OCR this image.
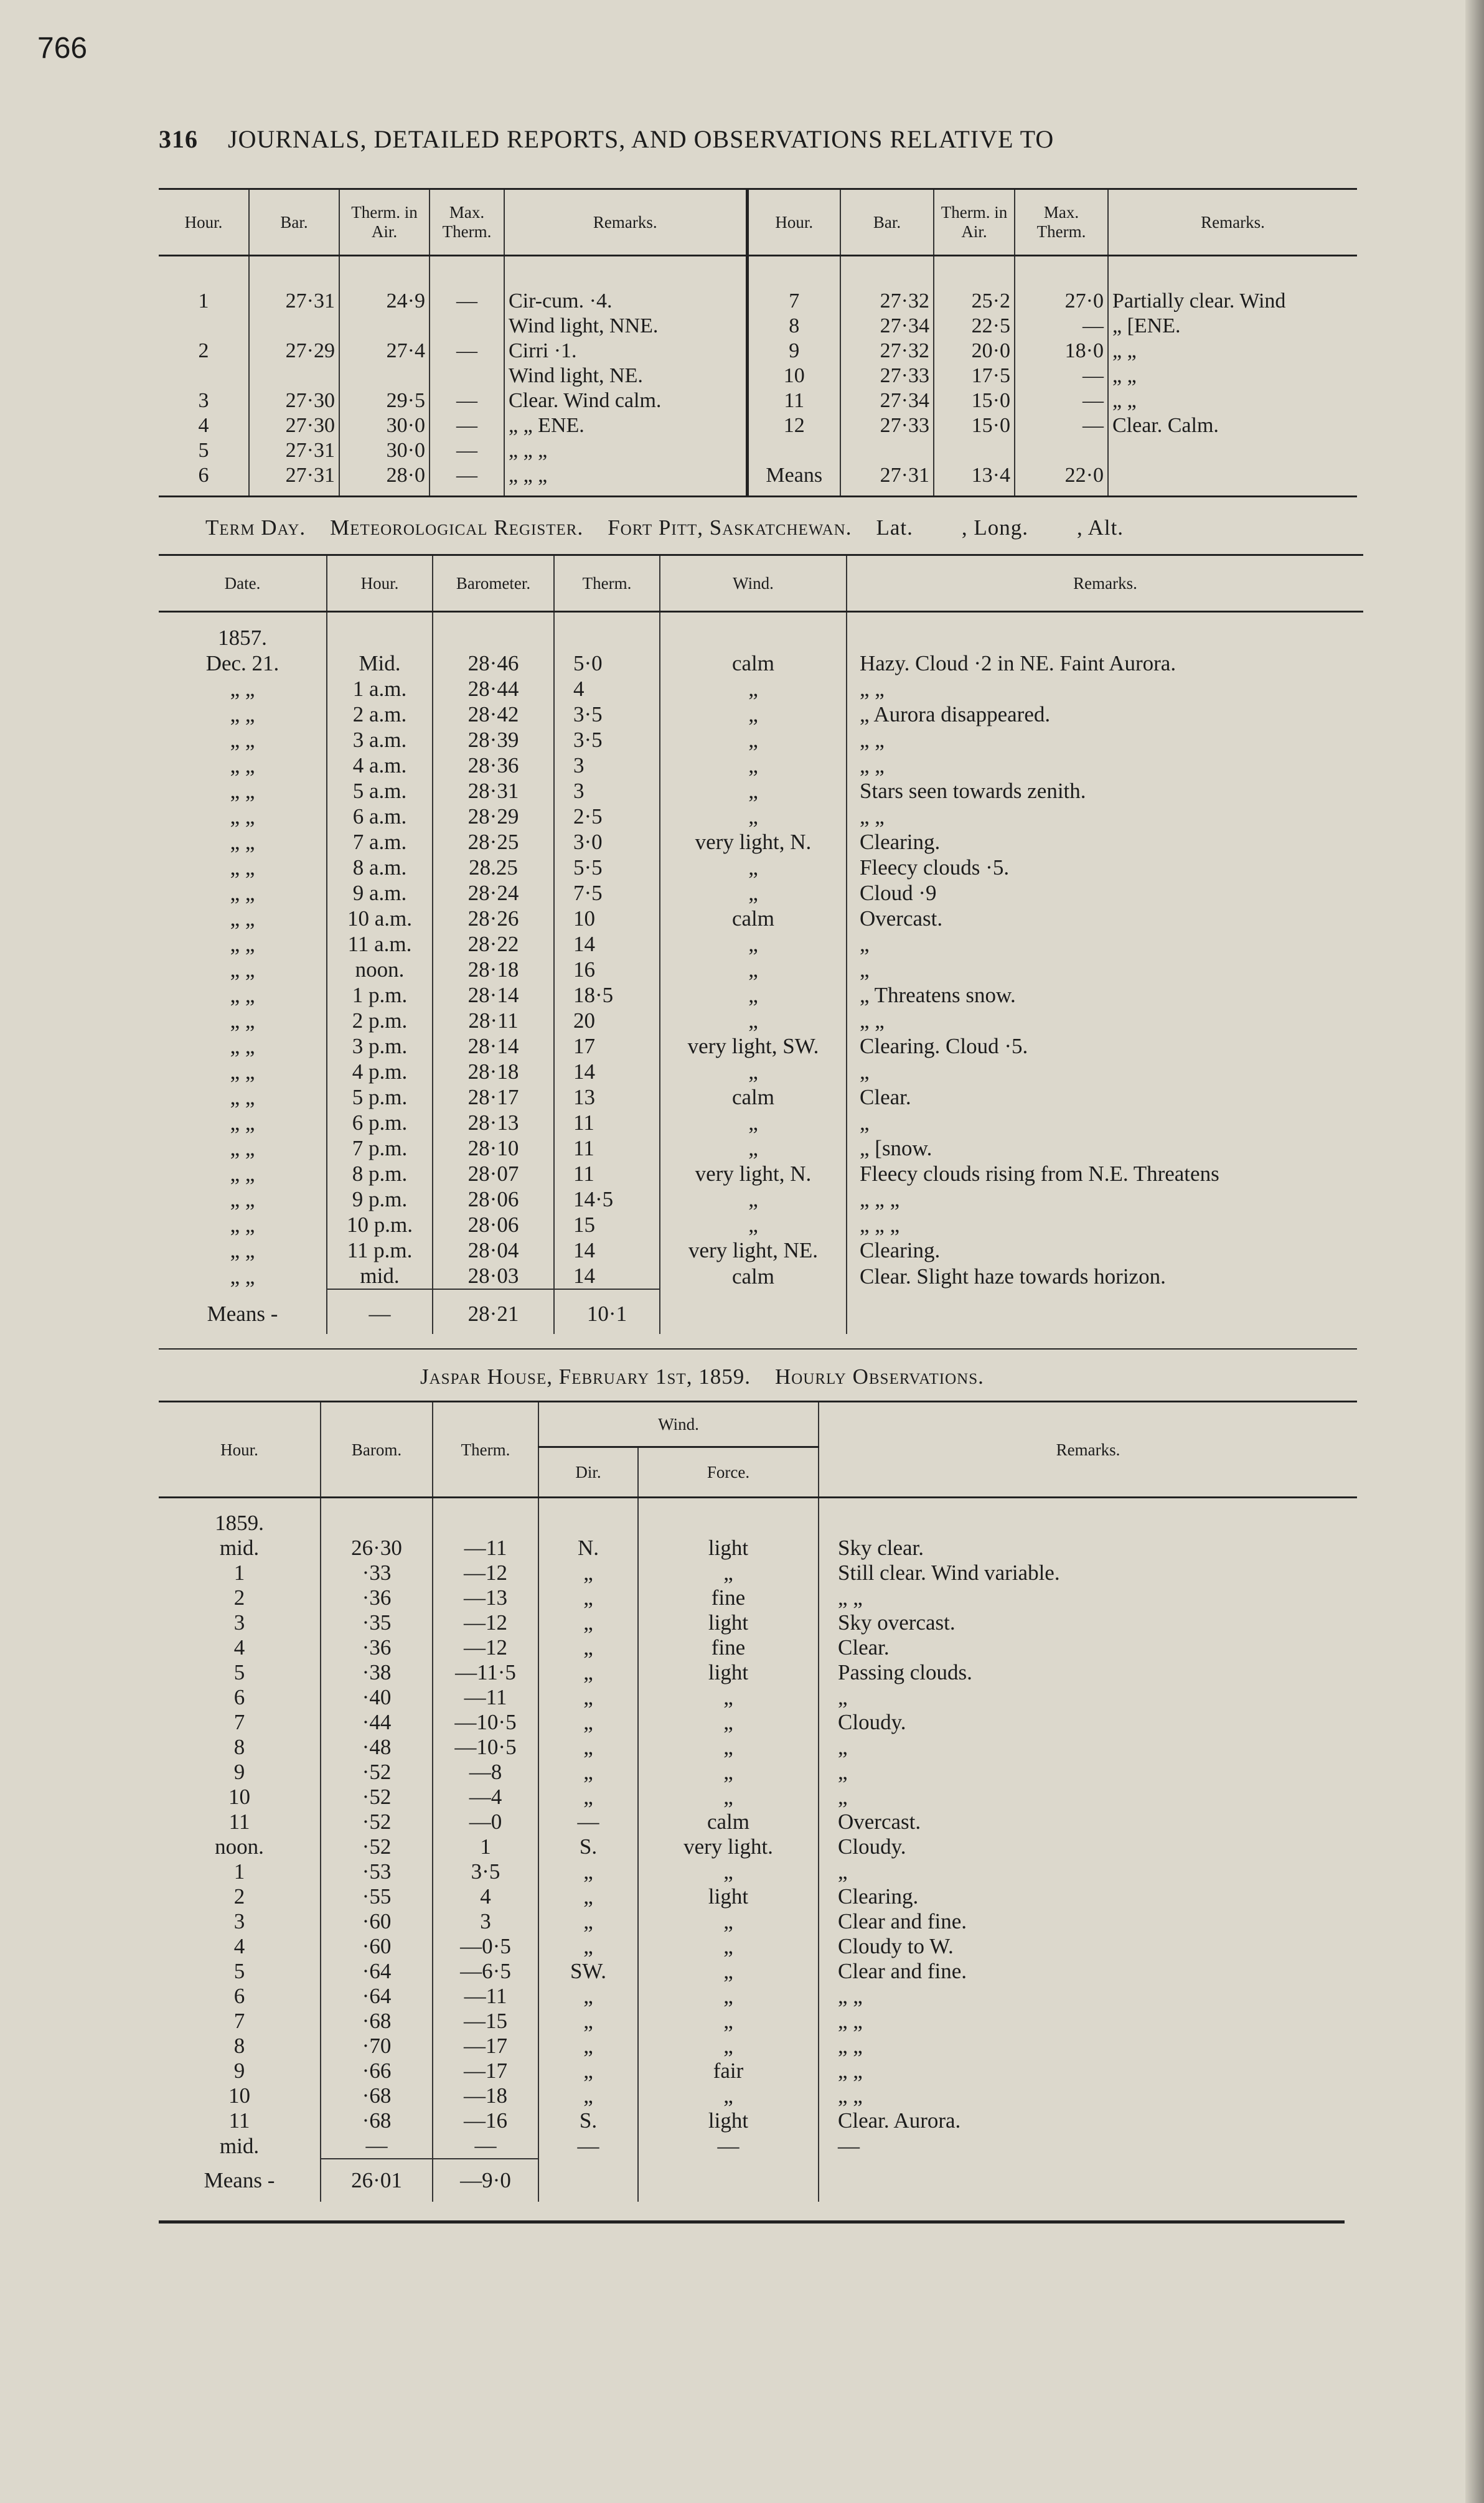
766
316 JOURNALS, DETAILED REPORTS, AND OBSERVATIONS RELATIVE TO
Hour.	Bar.	Therm. in Air.	Max. Therm.	Remarks.	Hour.	Bar.	Therm. in Air.	Max. Therm.	Remarks.
1	27·31	24·9	—	Cir-cum. ·4.	7	27·32	25·2	27·0	Partially clear. Wind
				Wind light, NNE.	8	27·34	22·5	—	„ [ENE.
2	27·29	27·4	—	Cirri ·1.	9	27·32	20·0	18·0	„ „
				Wind light, NE.	10	27·33	17·5	—	„ „
3	27·30	29·5	—	Clear. Wind calm.	11	27·34	15·0	—	„ „
4	27·30	30·0	—	„ „ ENE.	12	27·33	15·0	—	Clear. Calm.
5	27·31	30·0	—	„ „ „					
6	27·31	28·0	—	„ „ „	Means	27·31	13·4	22·0	
Term Day. Meteorological Register. Fort Pitt, Saskatchewan. Lat. , Long. , Alt.
Date.	Hour.	Barometer.	Therm.	Wind.	Remarks.
1857.					
Dec. 21.	Mid.	28·46	5·0	calm	Hazy. Cloud ·2 in NE. Faint Aurora.
„ „	1 a.m.	28·44	4	„	„ „
„ „	2 a.m.	28·42	3·5	„	„ Aurora disappeared.
„ „	3 a.m.	28·39	3·5	„	„ „
„ „	4 a.m.	28·36	3	„	„ „
„ „	5 a.m.	28·31	3	„	Stars seen towards zenith.
„ „	6 a.m.	28·29	2·5	„	„ „
„ „	7 a.m.	28·25	3·0	very light, N.	Clearing.
„ „	8 a.m.	28.25	5·5	„	Fleecy clouds ·5.
„ „	9 a.m.	28·24	7·5	„	Cloud ·9
„ „	10 a.m.	28·26	10	calm	Overcast.
„ „	11 a.m.	28·22	14	„	„
„ „	noon.	28·18	16	„	„
„ „	1 p.m.	28·14	18·5	„	„ Threatens snow.
„ „	2 p.m.	28·11	20	„	„ „
„ „	3 p.m.	28·14	17	very light, SW.	Clearing. Cloud ·5.
„ „	4 p.m.	28·18	14	„	„
„ „	5 p.m.	28·17	13	calm	Clear.
„ „	6 p.m.	28·13	11	„	„
„ „	7 p.m.	28·10	11	„	„ [snow.
„ „	8 p.m.	28·07	11	very light, N.	Fleecy clouds rising from N.E. Threatens
„ „	9 p.m.	28·06	14·5	„	„ „ „
„ „	10 p.m.	28·06	15	„	„ „ „
„ „	11 p.m.	28·04	14	very light, NE.	Clearing.
„ „	mid.	28·03	14	calm	Clear. Slight haze towards horizon.
Means -	—	28·21	10·1		
Jaspar House, February 1st, 1859. Hourly Observations.
Hour.	Barom.	Therm.	Wind.		Remarks.
			Dir.	Force.	
1859.					
mid.	26·30	—11	N.	light	Sky clear.
1	·33	—12	„	„	Still clear. Wind variable.
2	·36	—13	„	fine	„ „
3	·35	—12	„	light	Sky overcast.
4	·36	—12	„	fine	Clear.
5	·38	—11·5	„	light	Passing clouds.
6	·40	—11	„	„	„
7	·44	—10·5	„	„	Cloudy.
8	·48	—10·5	„	„	„
9	·52	—8	„	„	„
10	·52	—4	„	„	„
11	·52	—0	—	calm	Overcast.
noon.	·52	1	S.	very light.	Cloudy.
1	·53	3·5	„	„	„
2	·55	4	„	light	Clearing.
3	·60	3	„	„	Clear and fine.
4	·60	—0·5	„	„	Cloudy to W.
5	·64	—6·5	SW.	„	Clear and fine.
6	·64	—11	„	„	„ „
7	·68	—15	„	„	„ „
8	·70	—17	„	„	„ „
9	·66	—17	„	fair	„ „
10	·68	—18	„	„	„ „
11	·68	—16	S.	light	Clear. Aurora.
mid.	—	—	—	—	—
Means -	26·01	—9·0			
